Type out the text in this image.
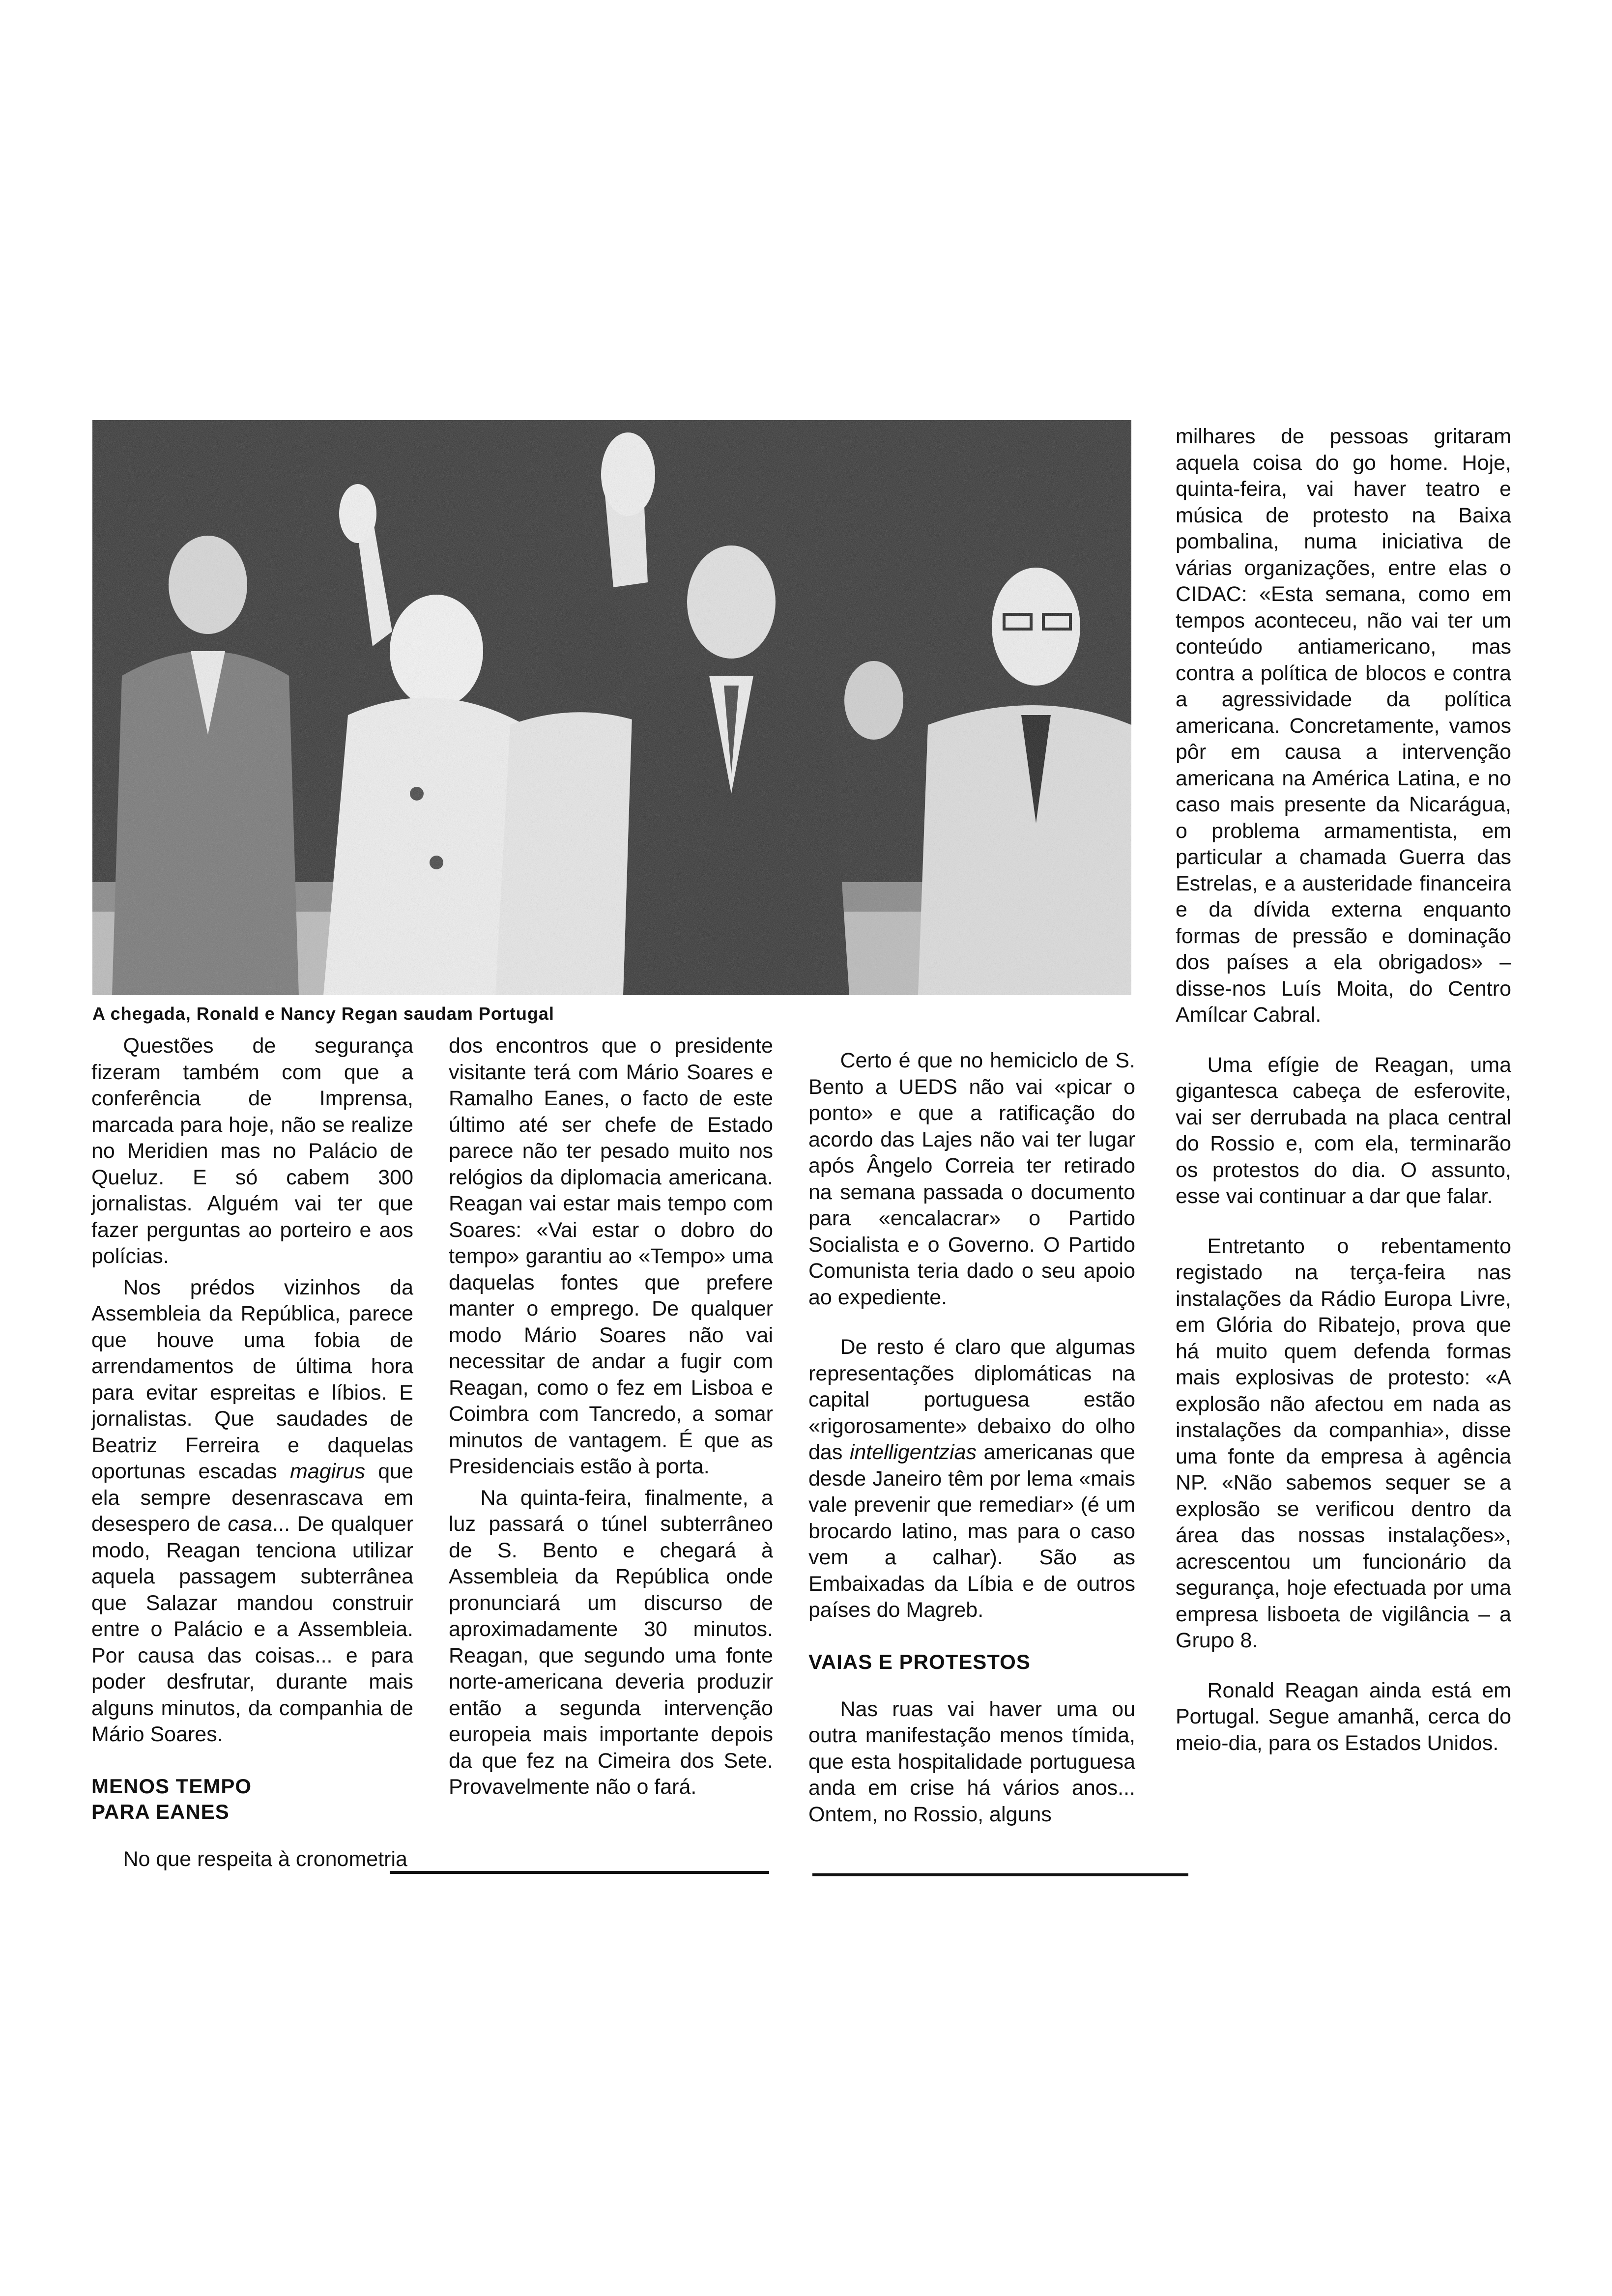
A chegada, Ronald e Nancy Regan saudam Portugal

Questões de segurança fizeram também com que a conferência de Imprensa, marcada para hoje, não se realize no Meridien mas no Palácio de Queluz. E só cabem 300 jornalistas. Alguém vai ter que fazer perguntas ao porteiro e aos polícias.

Nos prédos vizinhos da Assembleia da República, parece que houve uma fobia de arrendamentos de última hora para evitar espreitas e líbios. E jornalistas. Que saudades de Beatriz Ferreira e daquelas oportunas escadas magirus que ela sempre desenrascava em desespero de casa... De qualquer modo, Reagan tenciona utilizar aquela passagem subterrânea que Salazar mandou construir entre o Palácio e a Assembleia. Por causa das coisas... e para poder desfrutar, durante mais alguns minutos, da companhia de Mário Soares.

MENOS TEMPO PARA EANES

No que respeita à cronometria

dos encontros que o presidente visitante terá com Mário Soares e Ramalho Eanes, o facto de este último até ser chefe de Estado parece não ter pesado muito nos relógios da diplomacia americana. Reagan vai estar mais tempo com Soares: «Vai estar o dobro do tempo» garantiu ao «Tempo» uma daquelas fontes que prefere manter o emprego. De qualquer modo Mário Soares não vai necessitar de andar a fugir com Reagan, como o fez em Lisboa e Coimbra com Tancredo, a somar minutos de vantagem. É que as Presidenciais estão à porta.

Na quinta-feira, finalmente, a luz passará o túnel subterrâneo de S. Bento e chegará à Assembleia da República onde pronunciará um discurso de aproximadamente 30 minutos. Reagan, que segundo uma fonte norte-americana deveria produzir então a segunda intervenção europeia mais importante depois da que fez na Cimeira dos Sete. Provavelmente não o fará.

Certo é que no hemiciclo de S. Bento a UEDS não vai «picar o ponto» e que a ratificação do acordo das Lajes não vai ter lugar após Ângelo Correia ter retirado na semana passada o documento para «encalacrar» o Partido Socialista e o Governo. O Partido Comunista teria dado o seu apoio ao expediente.

De resto é claro que algumas representações diplomáticas na capital portuguesa estão «rigorosamente» debaixo do olho das intelligentzias americanas que desde Janeiro têm por lema «mais vale prevenir que remediar» (é um brocardo latino, mas para o caso vem a calhar). São as Embaixadas da Líbia e de outros países do Magreb.

VAIAS E PROTESTOS

Nas ruas vai haver uma ou outra manifestação menos tímida, que esta hospitalidade portuguesa anda em crise há vários anos... Ontem, no Rossio, alguns

milhares de pessoas gritaram aquela coisa do go home. Hoje, quinta-feira, vai haver teatro e música de protesto na Baixa pombalina, numa iniciativa de várias organizações, entre elas o CIDAC: «Esta semana, como em tempos aconteceu, não vai ter um conteúdo antiamericano, mas contra a política de blocos e contra a agressividade da política americana. Concretamente, vamos pôr em causa a intervenção americana na América Latina, e no caso mais presente da Nicarágua, o problema armamentista, em particular a chamada Guerra das Estrelas, e a austeridade financeira e da dívida externa enquanto formas de pressão e dominação dos países a ela obrigados» – disse-nos Luís Moita, do Centro Amílcar Cabral.

Uma efígie de Reagan, uma gigantesca cabeça de esferovite, vai ser derrubada na placa central do Rossio e, com ela, terminarão os protestos do dia. O assunto, esse vai continuar a dar que falar.

Entretanto o rebentamento registado na terça-feira nas instalações da Rádio Europa Livre, em Glória do Ribatejo, prova que há muito quem defenda formas mais explosivas de protesto: «A explosão não afectou em nada as instalações da companhia», disse uma fonte da empresa à agência NP. «Não sabemos sequer se a explosão se verificou dentro da área das nossas instalações», acrescentou um funcionário da segurança, hoje efectuada por uma empresa lisboeta de vigilância – a Grupo 8.

Ronald Reagan ainda está em Portugal. Segue amanhã, cerca do meio-dia, para os Estados Unidos.
